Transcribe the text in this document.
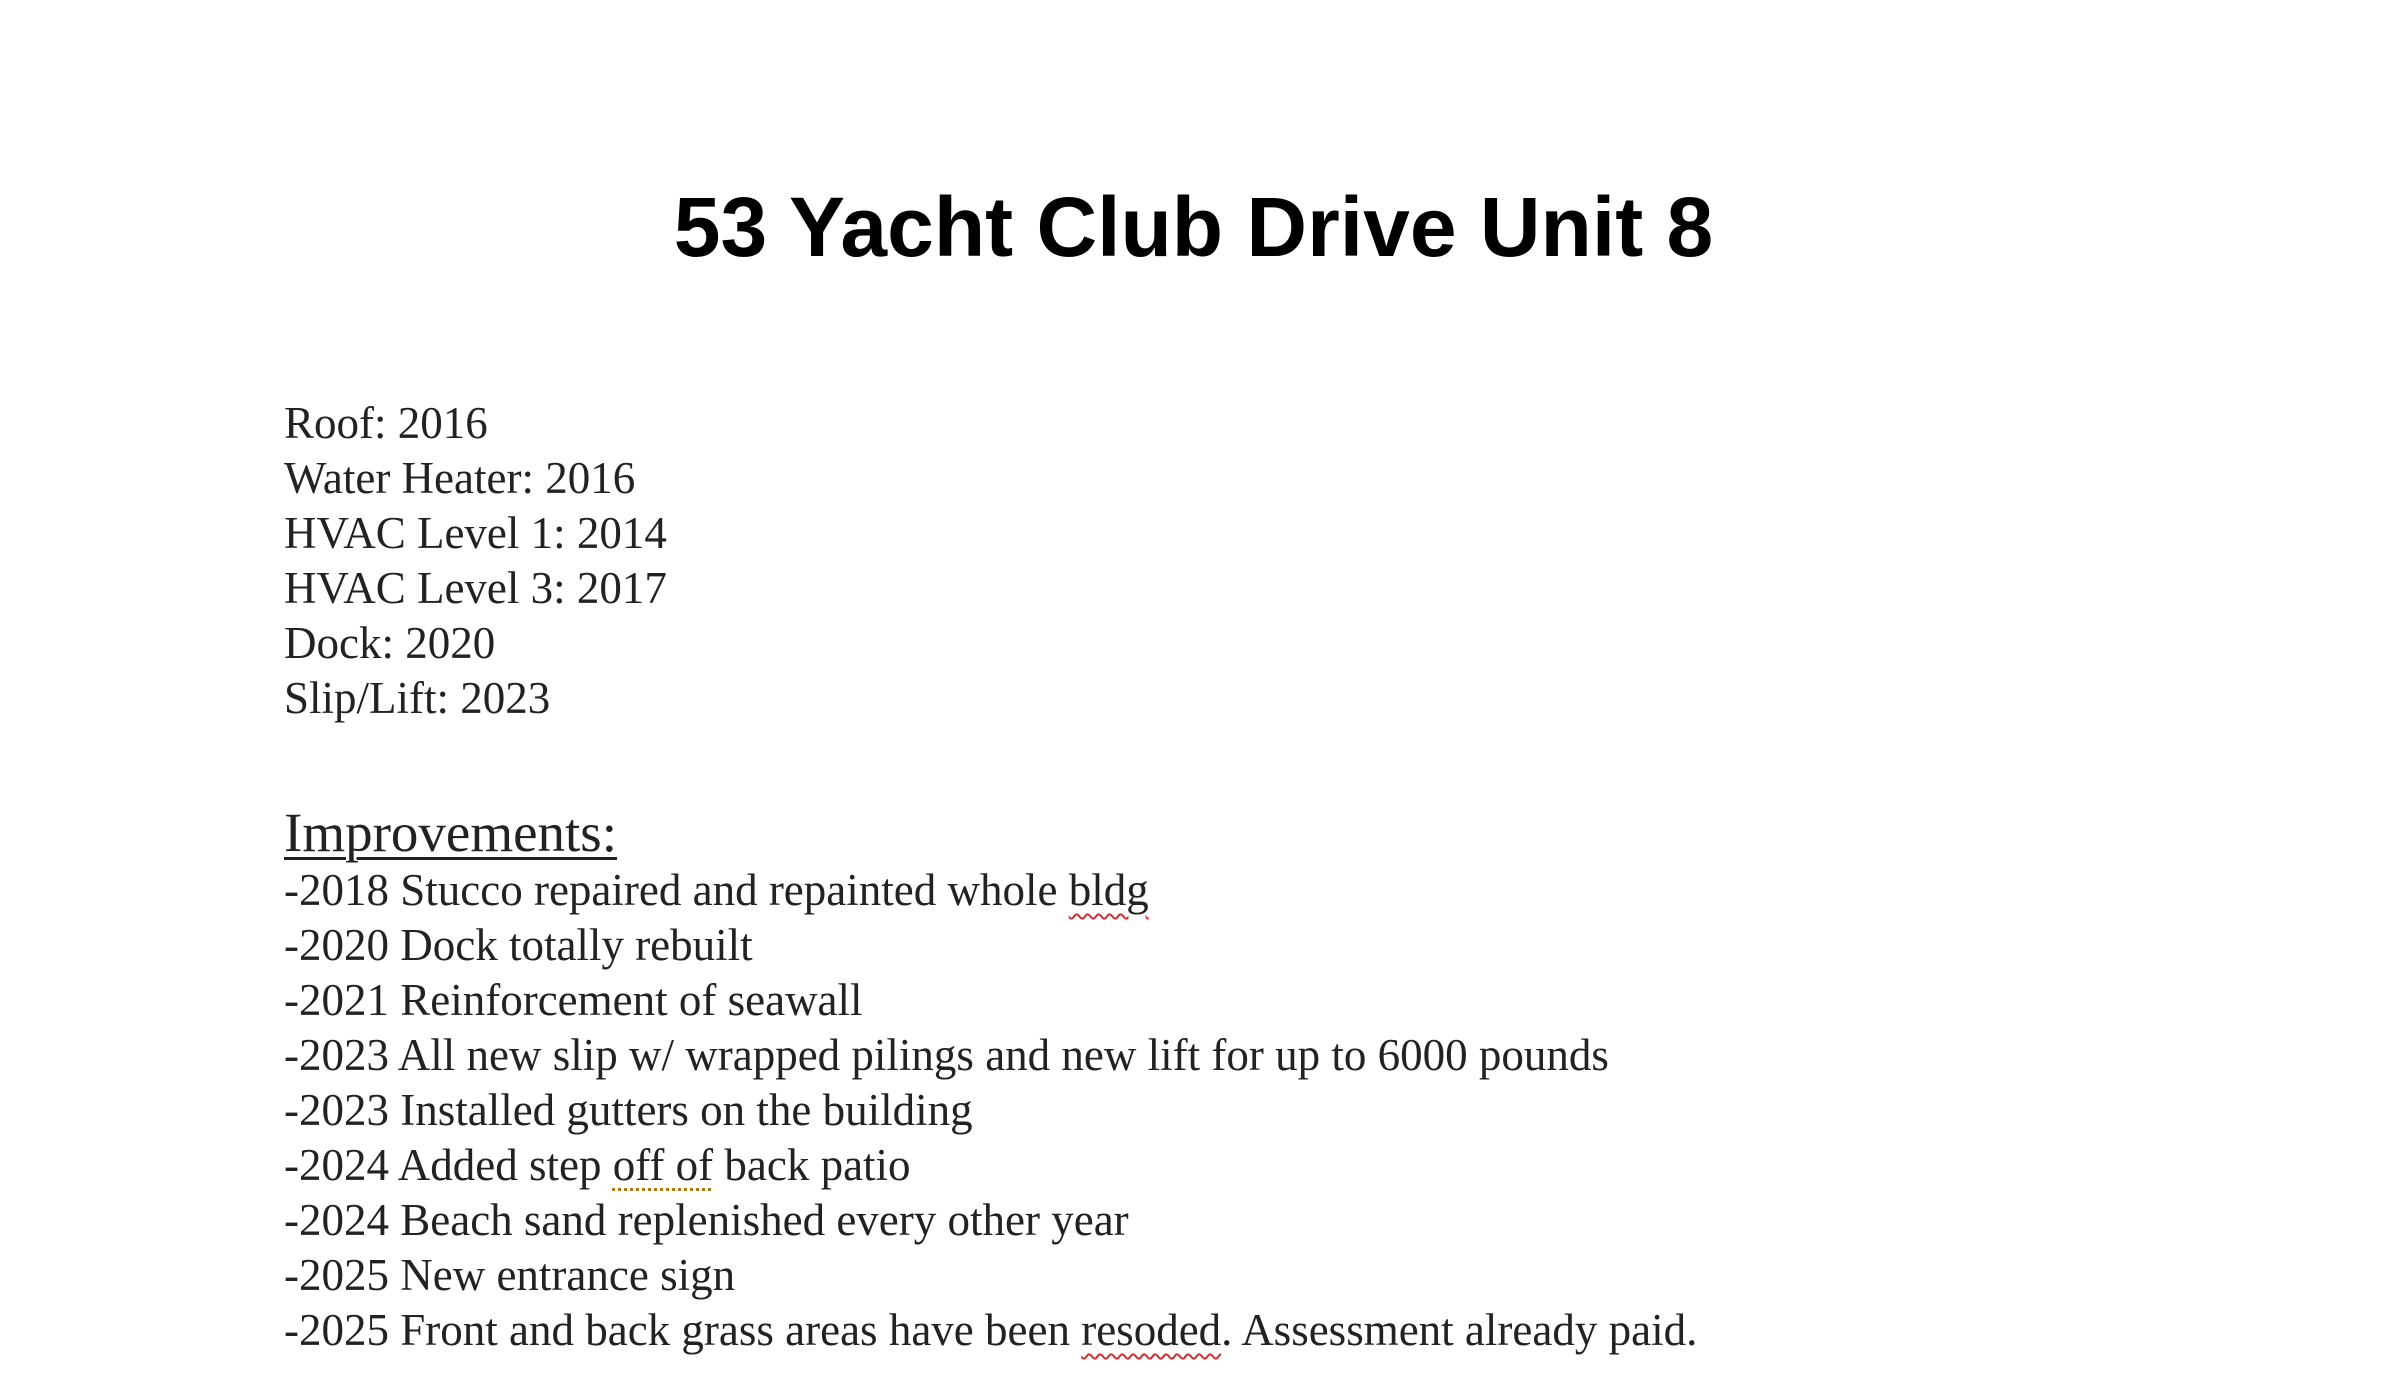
53 Yacht Club Drive Unit 8
Roof: 2016
Water Heater: 2016
HVAC Level 1: 2014
HVAC Level 3: 2017
Dock: 2020
Slip/Lift: 2023
Improvements:
-2018 Stucco repaired and repainted whole bldg
-2020 Dock totally rebuilt
-2021 Reinforcement of seawall
-2023 All new slip w/ wrapped pilings and new lift for up to 6000 pounds
-2023 Installed gutters on the building
-2024 Added step off of back patio
-2024 Beach sand replenished every other year
-2025 New entrance sign
-2025 Front and back grass areas have been resoded. Assessment already paid.
